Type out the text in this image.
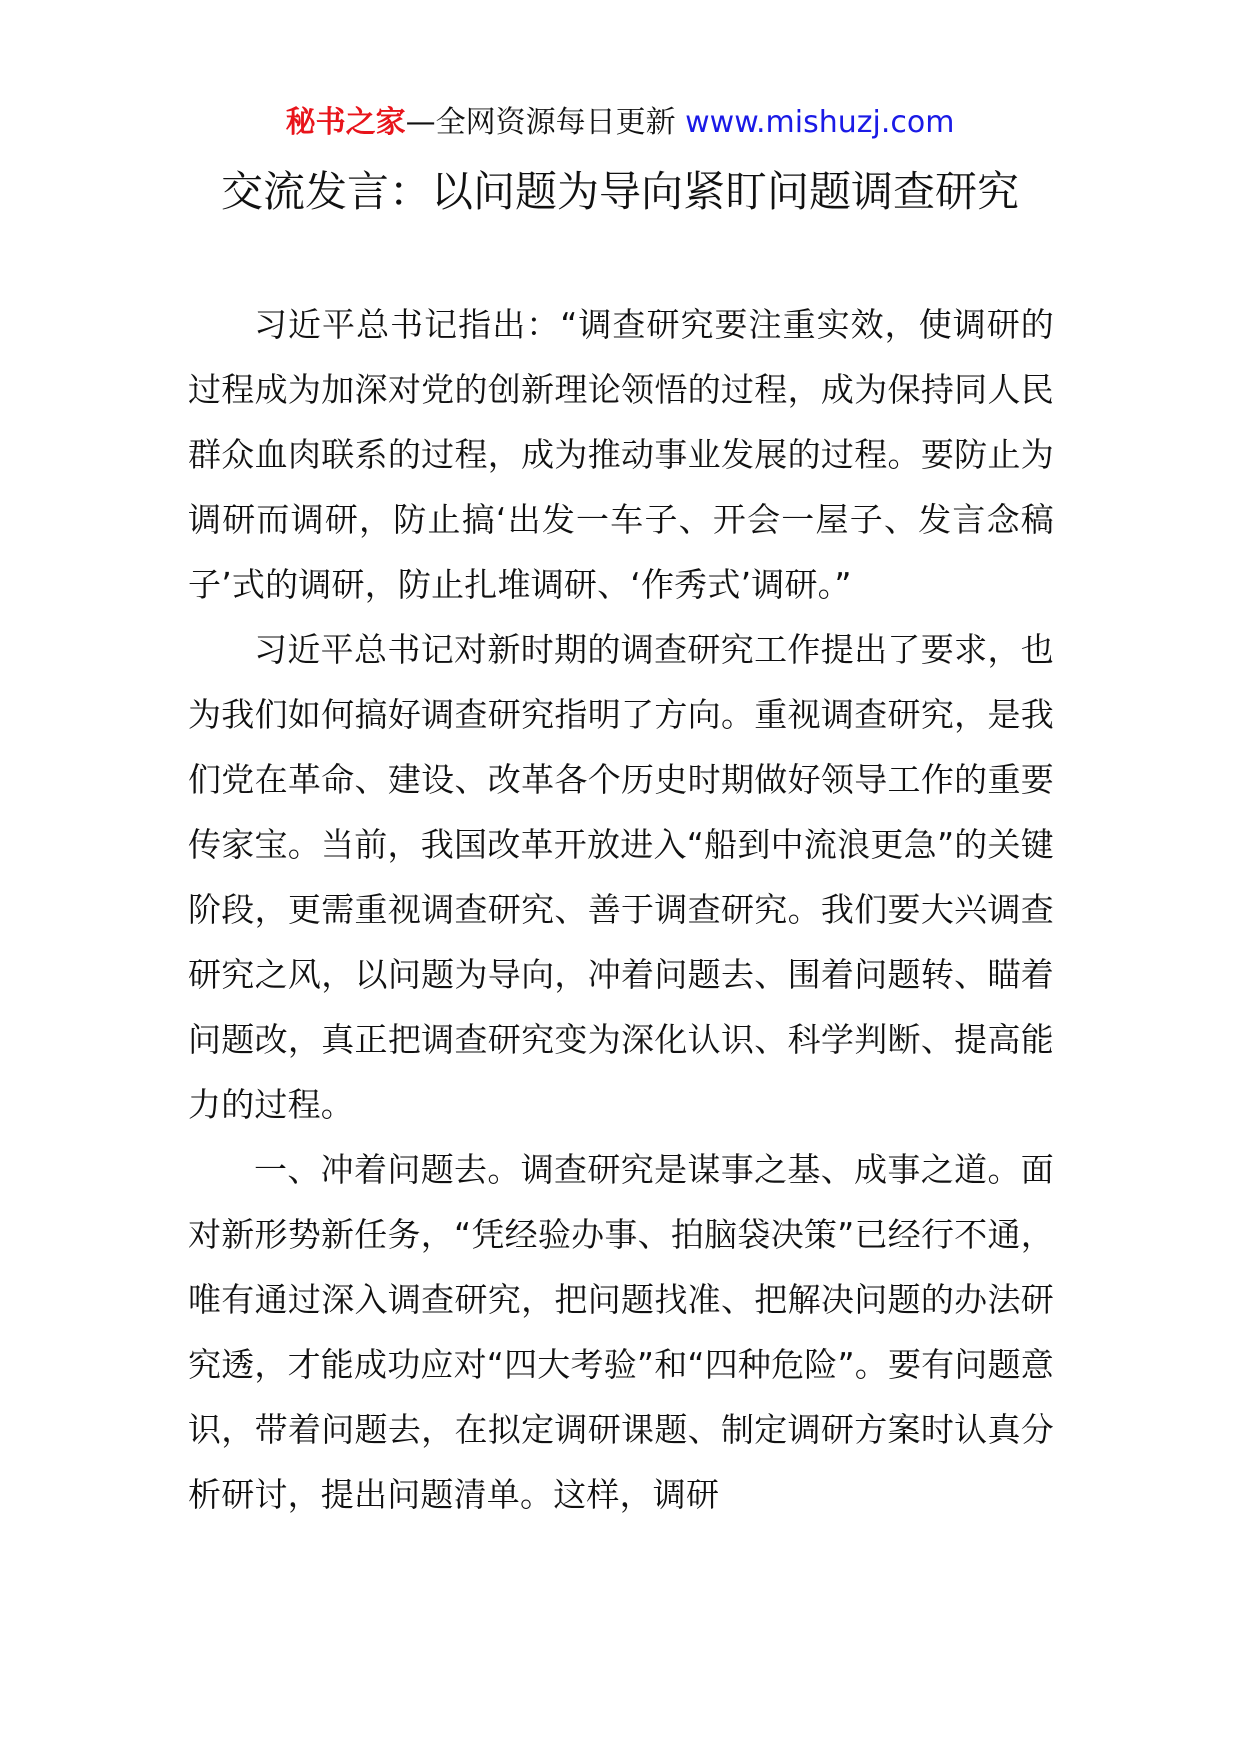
秘书之家—全网资源每日更新 www.mishuzj.com
交流发言：以问题为导向紧盯问题调查研究

习近平总书记指出：“调查研究要注重实效，使调研的过程成为加深对党的创新理论领悟的过程，成为保持同人民群众血肉联系的过程，成为推动事业发展的过程。要防止为调研而调研，防止搞‘出发一车子、开会一屋子、发言念稿子’式的调研，防止扎堆调研、‘作秀式’调研。”

习近平总书记对新时期的调查研究工作提出了要求，也为我们如何搞好调查研究指明了方向。重视调查研究，是我们党在革命、建设、改革各个历史时期做好领导工作的重要传家宝。当前，我国改革开放进入“船到中流浪更急”的关键阶段，更需重视调查研究、善于调查研究。我们要大兴调查研究之风，以问题为导向，冲着问题去、围着问题转、瞄着问题改，真正把调查研究变为深化认识、科学判断、提高能力的过程。

一、冲着问题去。调查研究是谋事之基、成事之道。面对新形势新任务，“凭经验办事、拍脑袋决策”已经行不通，唯有通过深入调查研究，把问题找准、把解决问题的办法研究透，才能成功应对“四大考验”和“四种危险”。要有问题意识，带着问题去，在拟定调研课题、制定调研方案时认真分析研讨，提出问题清单。这样，调研
